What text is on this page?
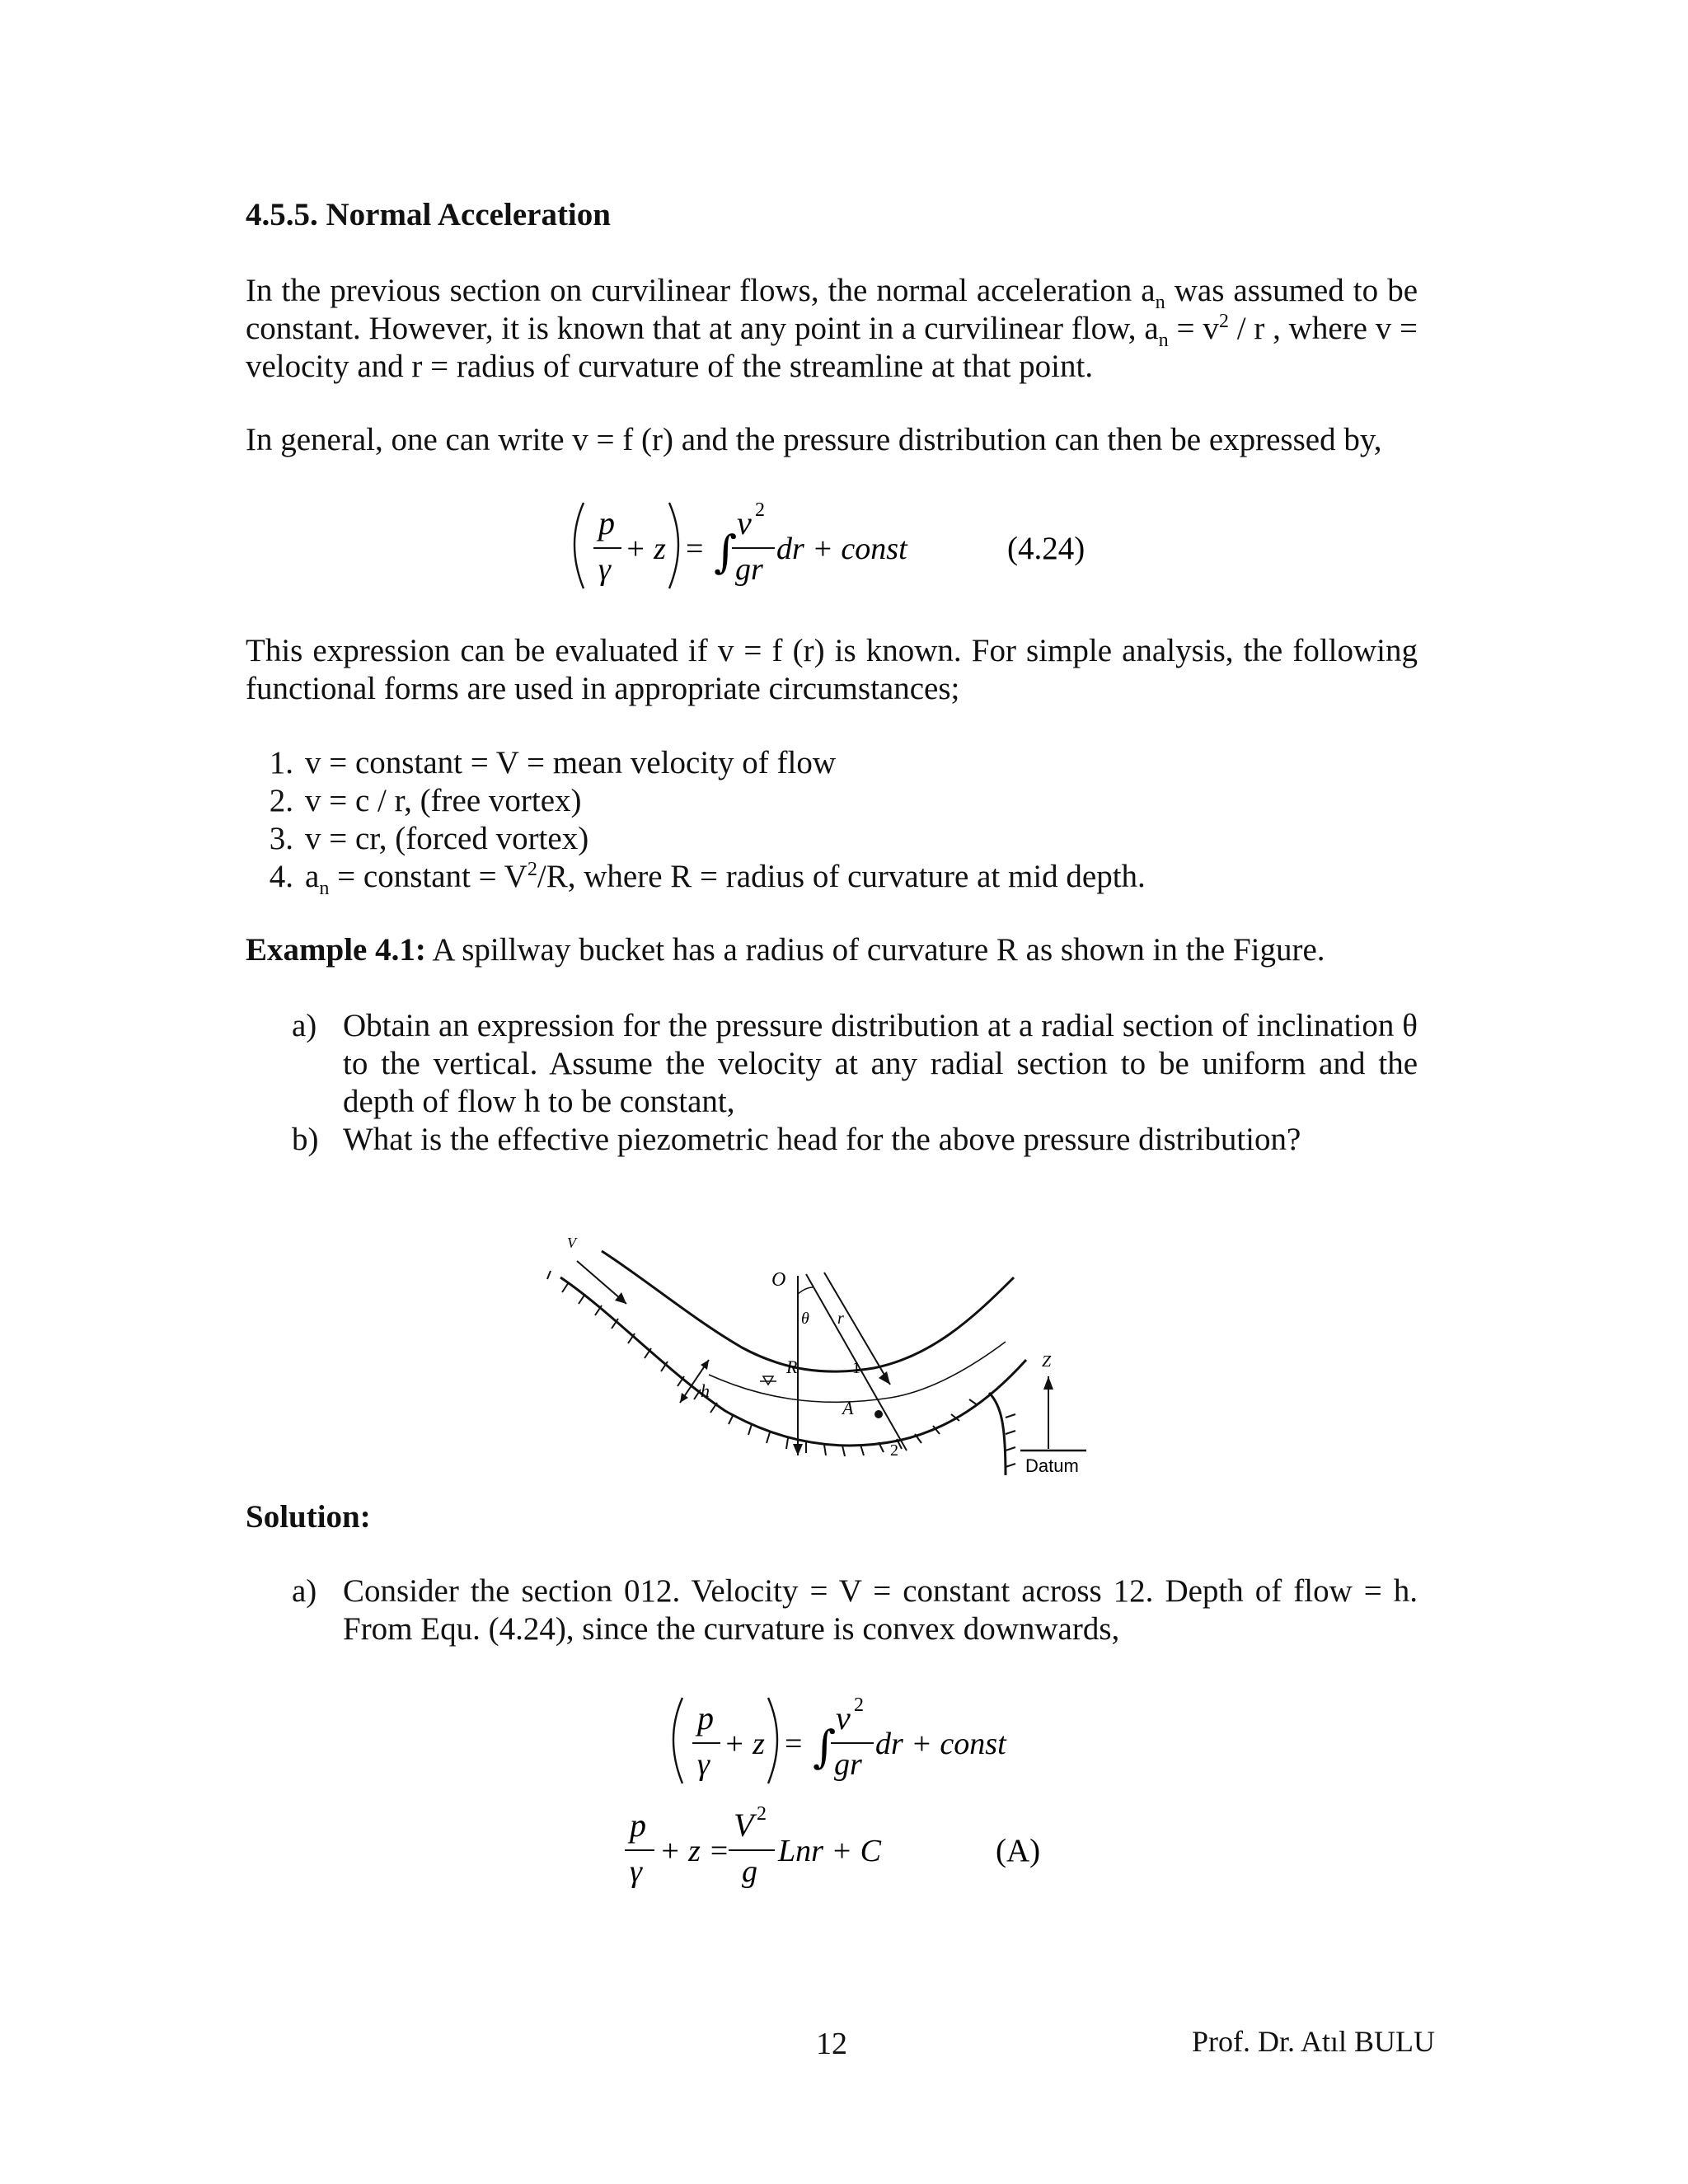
4.5.5. Normal Acceleration
In the previous section on curvilinear flows, the normal acceleration $a_n$ was assumed to be constant. However, it is known that at any point in a curvilinear flow, $a_n = v^2 / r$ , where v = velocity and r = radius of curvature of the streamline at that point.
In general, one can write v = f (r) and the pressure distribution can then be expressed by,
p
γ
+ z = ∫
v 2
gr
dr + const	(4.24)
This expression can be evaluated if v = f (r) is known. For simple analysis, the following functional forms are used in appropriate circumstances;
1. v = constant = V = mean velocity of flow
2. v = c / r, (free vortex)
3. v = cr, (forced vortex)
4. $a_n$ = constant = $V^2/R$, where R = radius of curvature at mid depth.
Example 4.1: A spillway bucket has a radius of curvature R as shown in the Figure.
a) Obtain an expression for the pressure distribution at a radial section of inclination θ to the vertical. Assume the velocity at any radial section to be uniform and the depth of flow h to be constant,
b) What is the effective piezometric head for the above pressure distribution?
V
h
O
R
θ r
1
A
2
Z
Datum
Solution:
a) Consider the section 012. Velocity = V = constant across 12. Depth of flow = h. From Equ. (4.24), since the curvature is convex downwards,
p
γ
+ z = ∫
v 2
gr
dr + const
p
γ
+ z =
V 2
g
Lnr + C	(A)
12	Prof. Dr. Atıl BULU
